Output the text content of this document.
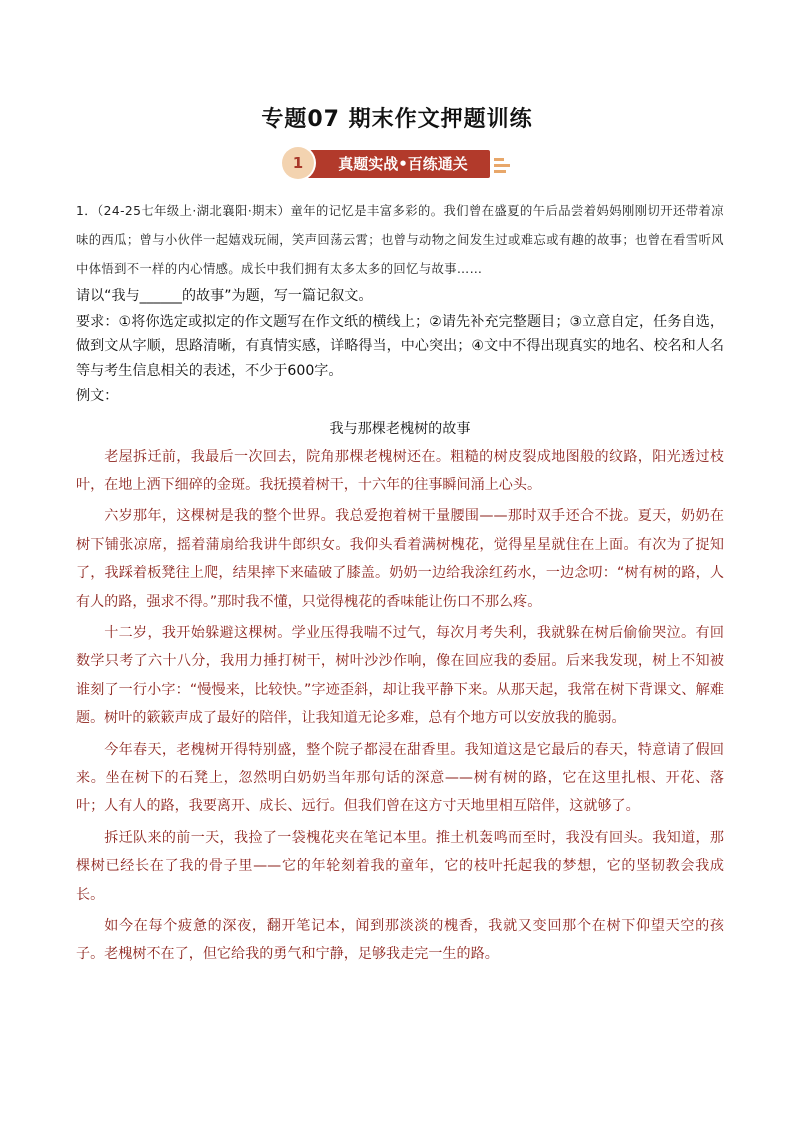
专题07 期末作文押题训练
真题实战•百练通关
1

1．（24-25七年级上·湖北襄阳·期末）童年的记忆是丰富多彩的。我们曾在盛夏的午后品尝着妈妈刚刚切开还带着凉味的西瓜；曾与小伙伴一起嬉戏玩闹，笑声回荡云霄；也曾与动物之间发生过或难忘或有趣的故事；也曾在看雪听风中体悟到不一样的内心情感。成长中我们拥有太多太多的回忆与故事……

请以“我与______的故事”为题，写一篇记叙文。

要求：①将你选定或拟定的作文题写在作文纸的横线上；②请先补充完整题目；③立意自定，任务自选，做到文从字顺，思路清晰，有真情实感，详略得当，中心突出；④文中不得出现真实的地名、校名和人名等与考生信息相关的表述，不少于600字。

例文：

我与那棵老槐树的故事

老屋拆迁前，我最后一次回去，院角那棵老槐树还在。粗糙的树皮裂成地图般的纹路，阳光透过枝叶，在地上洒下细碎的金斑。我抚摸着树干，十六年的往事瞬间涌上心头。

六岁那年，这棵树是我的整个世界。我总爱抱着树干量腰围——那时双手还合不拢。夏天，奶奶在树下铺张凉席，摇着蒲扇给我讲牛郎织女。我仰头看着满树槐花，觉得星星就住在上面。有次为了捉知了，我踩着板凳往上爬，结果摔下来磕破了膝盖。奶奶一边给我涂红药水，一边念叨：“树有树的路，人有人的路，强求不得。”那时我不懂，只觉得槐花的香味能让伤口不那么疼。

十二岁，我开始躲避这棵树。学业压得我喘不过气，每次月考失利，我就躲在树后偷偷哭泣。有回数学只考了六十八分，我用力捶打树干，树叶沙沙作响，像在回应我的委屈。后来我发现，树上不知被谁刻了一行小字：“慢慢来，比较快。”字迹歪斜，却让我平静下来。从那天起，我常在树下背课文、解难题。树叶的簌簌声成了最好的陪伴，让我知道无论多难，总有个地方可以安放我的脆弱。

今年春天，老槐树开得特别盛，整个院子都浸在甜香里。我知道这是它最后的春天，特意请了假回来。坐在树下的石凳上，忽然明白奶奶当年那句话的深意——树有树的路，它在这里扎根、开花、落叶；人有人的路，我要离开、成长、远行。但我们曾在这方寸天地里相互陪伴，这就够了。

拆迁队来的前一天，我捡了一袋槐花夹在笔记本里。推土机轰鸣而至时，我没有回头。我知道，那棵树已经长在了我的骨子里——它的年轮刻着我的童年，它的枝叶托起我的梦想，它的坚韧教会我成长。

如今在每个疲惫的深夜，翻开笔记本，闻到那淡淡的槐香，我就又变回那个在树下仰望天空的孩子。老槐树不在了，但它给我的勇气和宁静，足够我走完一生的路。
